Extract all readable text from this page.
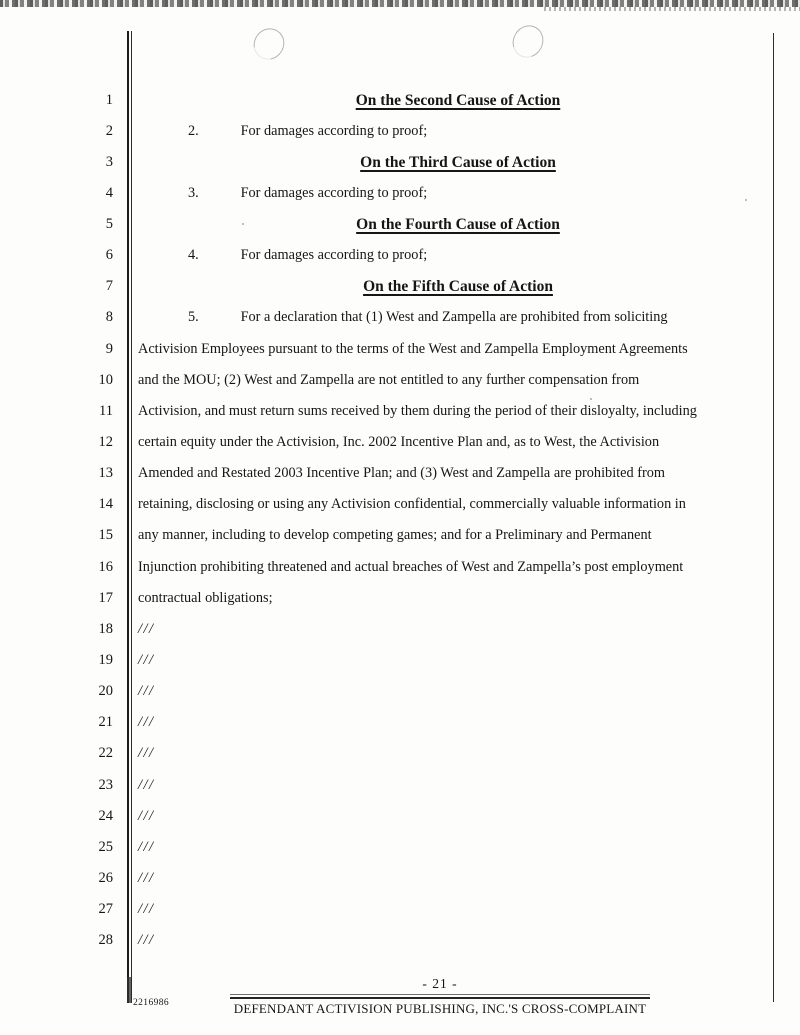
1
2
3
4
5
6
7
8
9
10
11
12
13
14
15
16
17
18
19
20
21
22
23
24
25
26
27
28
On the Second Cause of Action
2.	For damages according to proof;
On the Third Cause of Action
3.	For damages according to proof;
On the Fourth Cause of Action
4.	For damages according to proof;
On the Fifth Cause of Action
5.	For a declaration that (1) West and Zampella are prohibited from soliciting
Activision Employees pursuant to the terms of the West and Zampella Employment Agreements
and the MOU; (2) West and Zampella are not entitled to any further compensation from
Activision, and must return sums received by them during the period of their disloyalty, including
certain equity under the Activision, Inc. 2002 Incentive Plan and, as to West, the Activision
Amended and Restated 2003 Incentive Plan; and (3) West and Zampella are prohibited from
retaining, disclosing or using any Activision confidential, commercially valuable information in
any manner, including to develop competing games; and for a Preliminary and Permanent
Injunction prohibiting threatened and actual breaches of West and Zampella’s post employment
contractual obligations;
///
///
///
///
///
///
///
///
///
///
///
- 21 -
DEFENDANT ACTIVISION PUBLISHING, INC.'S CROSS-COMPLAINT
2216986
